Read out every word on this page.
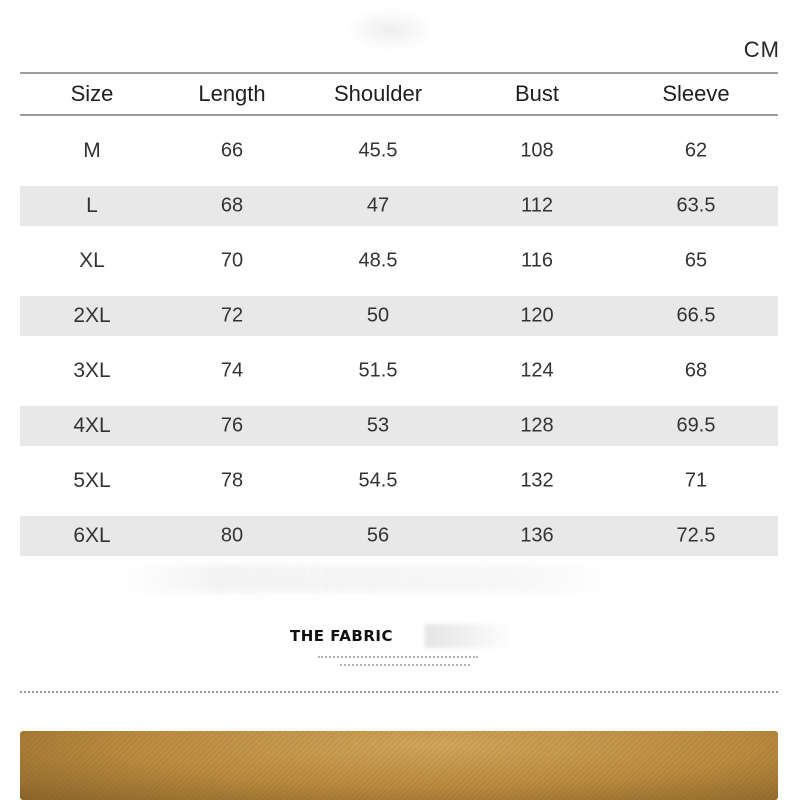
CM
Size	Length	Shoulder	Bust	Sleeve
M	66	45.5	108	62
L	68	47	112	63.5
XL	70	48.5	116	65
2XL	72	50	120	66.5
3XL	74	51.5	124	68
4XL	76	53	128	69.5
5XL	78	54.5	132	71
6XL	80	56	136	72.5
THE FABRIC
